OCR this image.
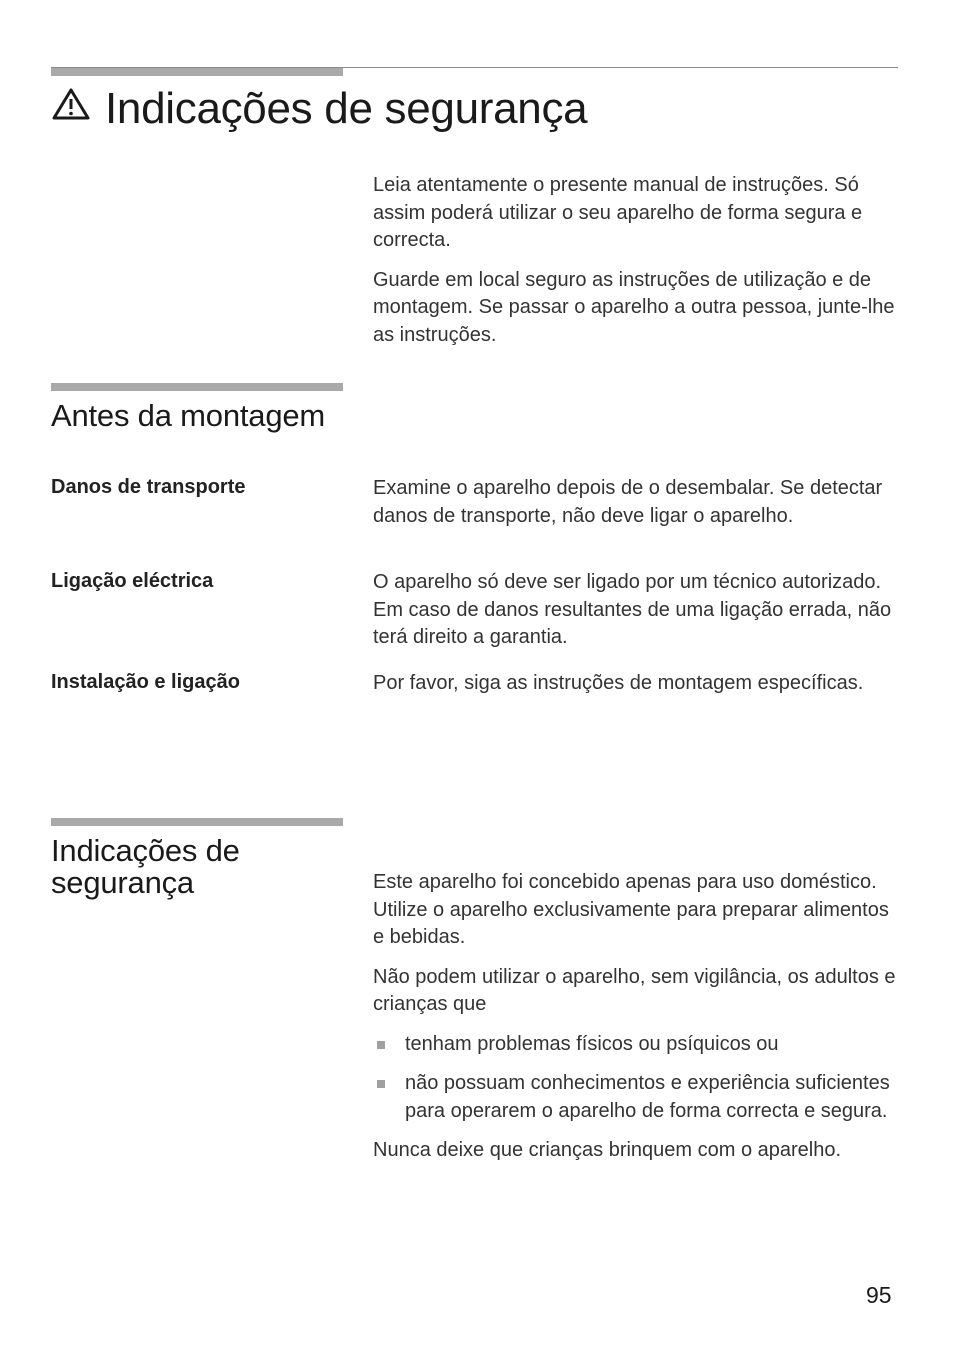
Indicações de segurança

Leia atentamente o presente manual de instruções. Só assim poderá utilizar o seu aparelho de forma segura e correcta.

Guarde em local seguro as instruções de utilização e de montagem. Se passar o aparelho a outra pessoa, junte-lhe as instruções.

Antes da montagem
Danos de transporte	Examine o aparelho depois de o desembalar. Se detectar danos de transporte, não deve ligar o aparelho.
Ligação eléctrica	O aparelho só deve ser ligado por um técnico autorizado. Em caso de danos resultantes de uma ligação errada, não terá direito a garantia.
Instalação e ligação	Por favor, siga as instruções de montagem específicas.
Indicações de segurança	Este aparelho foi concebido apenas para uso doméstico. Utilize o aparelho exclusivamente para preparar alimentos e bebidas.

Não podem utilizar o aparelho, sem vigilância, os adultos e crianças que

tenham problemas físicos ou psíquicos ou
não possuam conhecimentos e experiência suficientes para operarem o aparelho de forma correcta e segura.

Nunca deixe que crianças brinquem com o aparelho.

95
